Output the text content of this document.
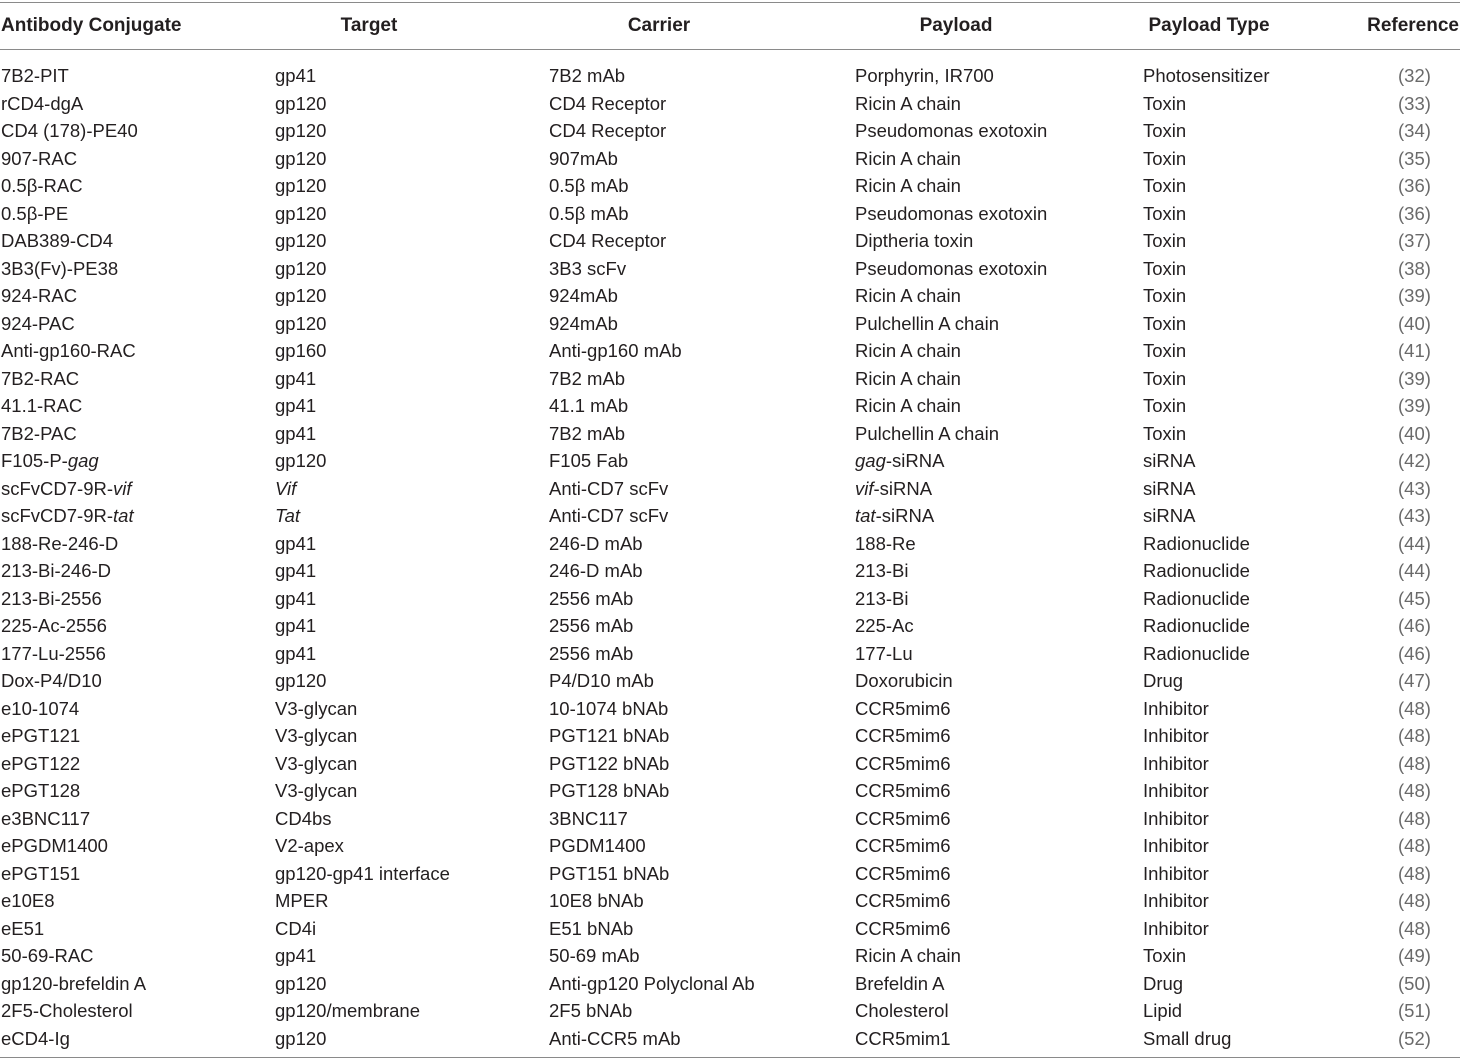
Antibody Conjugate	Target	Carrier	Payload	Payload Type	Reference
7B2-PIT	gp41	7B2 mAb	Porphyrin, IR700	Photosensitizer	(32)
rCD4-dgA	gp120	CD4 Receptor	Ricin A chain	Toxin	(33)
CD4 (178)-PE40	gp120	CD4 Receptor	Pseudomonas exotoxin	Toxin	(34)
907-RAC	gp120	907mAb	Ricin A chain	Toxin	(35)
0.5β-RAC	gp120	0.5β mAb	Ricin A chain	Toxin	(36)
0.5β-PE	gp120	0.5β mAb	Pseudomonas exotoxin	Toxin	(36)
DAB389-CD4	gp120	CD4 Receptor	Diptheria toxin	Toxin	(37)
3B3(Fv)-PE38	gp120	3B3 scFv	Pseudomonas exotoxin	Toxin	(38)
924-RAC	gp120	924mAb	Ricin A chain	Toxin	(39)
924-PAC	gp120	924mAb	Pulchellin A chain	Toxin	(40)
Anti-gp160-RAC	gp160	Anti-gp160 mAb	Ricin A chain	Toxin	(41)
7B2-RAC	gp41	7B2 mAb	Ricin A chain	Toxin	(39)
41.1-RAC	gp41	41.1 mAb	Ricin A chain	Toxin	(39)
7B2-PAC	gp41	7B2 mAb	Pulchellin A chain	Toxin	(40)
F105-P-gag	gp120	F105 Fab	gag-siRNA	siRNA	(42)
scFvCD7-9R-vif	Vif	Anti-CD7 scFv	vif-siRNA	siRNA	(43)
scFvCD7-9R-tat	Tat	Anti-CD7 scFv	tat-siRNA	siRNA	(43)
188-Re-246-D	gp41	246-D mAb	188-Re	Radionuclide	(44)
213-Bi-246-D	gp41	246-D mAb	213-Bi	Radionuclide	(44)
213-Bi-2556	gp41	2556 mAb	213-Bi	Radionuclide	(45)
225-Ac-2556	gp41	2556 mAb	225-Ac	Radionuclide	(46)
177-Lu-2556	gp41	2556 mAb	177-Lu	Radionuclide	(46)
Dox-P4/D10	gp120	P4/D10 mAb	Doxorubicin	Drug	(47)
e10-1074	V3-glycan	10-1074 bNAb	CCR5mim6	Inhibitor	(48)
ePGT121	V3-glycan	PGT121 bNAb	CCR5mim6	Inhibitor	(48)
ePGT122	V3-glycan	PGT122 bNAb	CCR5mim6	Inhibitor	(48)
ePGT128	V3-glycan	PGT128 bNAb	CCR5mim6	Inhibitor	(48)
e3BNC117	CD4bs	3BNC117	CCR5mim6	Inhibitor	(48)
ePGDM1400	V2-apex	PGDM1400	CCR5mim6	Inhibitor	(48)
ePGT151	gp120-gp41 interface	PGT151 bNAb	CCR5mim6	Inhibitor	(48)
e10E8	MPER	10E8 bNAb	CCR5mim6	Inhibitor	(48)
eE51	CD4i	E51 bNAb	CCR5mim6	Inhibitor	(48)
50-69-RAC	gp41	50-69 mAb	Ricin A chain	Toxin	(49)
gp120-brefeldin A	gp120	Anti-gp120 Polyclonal Ab	Brefeldin A	Drug	(50)
2F5-Cholesterol	gp120/membrane	2F5 bNAb	Cholesterol	Lipid	(51)
eCD4-Ig	gp120	Anti-CCR5 mAb	CCR5mim1	Small drug	(52)
